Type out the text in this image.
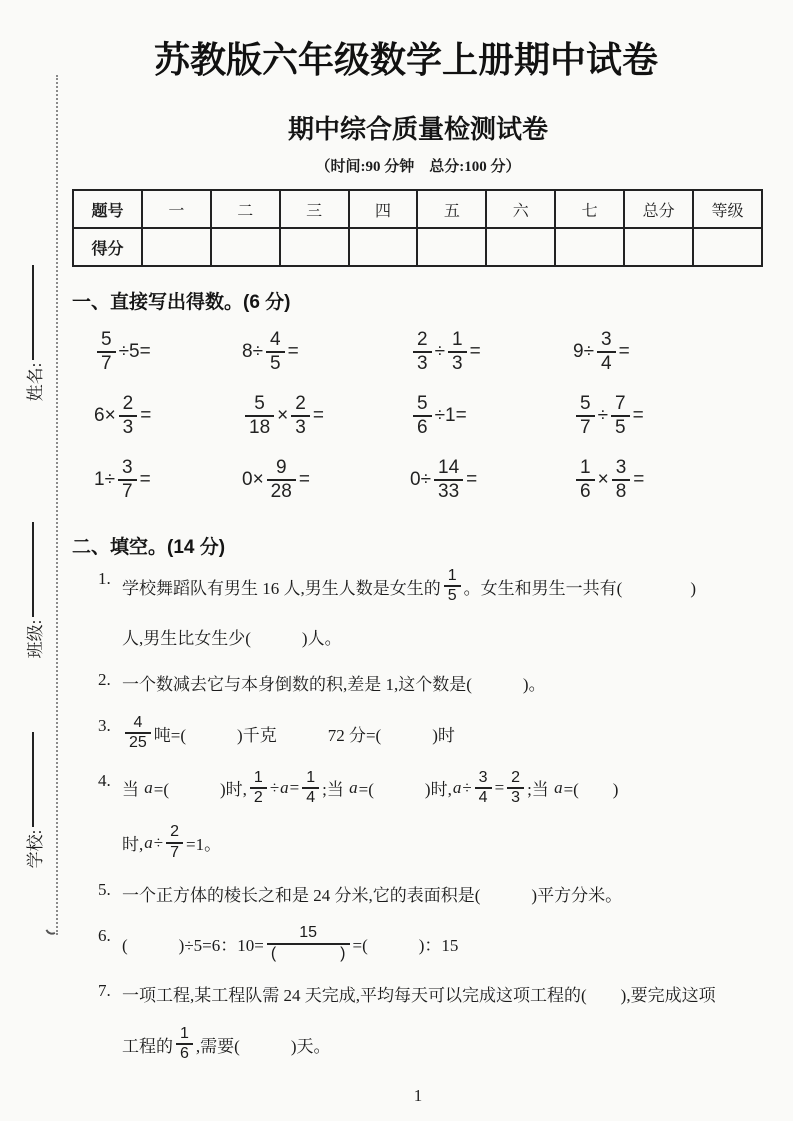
姓名:
班级:
学校:
苏教版六年级数学上册期中试卷
期中综合质量检测试卷
（时间:90 分钟　总分:100 分）
题号	一	二	三	四	五	六	七	总分	等级
得分									
一、直接写出得数。(6 分)
$\frac{5}{7} \div 5=$	$8\div \frac{4}{5}$ =	$\frac{2}{3} \div \frac{1}{3}$ =	$9\div \frac{3}{4}$ =
$6\times \frac{2}{3}$ =	$\frac{5}{18} \times \frac{2}{3}$ =	$\frac{5}{6} \div 1=$	$\frac{5}{7} \div \frac{7}{5}$ =
$1\div \frac{3}{7}$ =	$0\times \frac{9}{28}$ =	$0\div \frac{14}{33}$ =	$\frac{1}{6} \times \frac{3}{8}$ =
二、填空。(14 分)
1.
学校舞蹈队有男生 16 人,男生人数是女生的 $\frac{1}{5}$ 。女生和男生一共有(　　　　)
人,男生比女生少(　　　)人。
2. 一个数减去它与本身倒数的积,差是 1,这个数是(　　　)。
3. $\frac{4}{25}$ 吨=(　　　)千克　　　72 分=(　　　)时
4.
当 a =(　　　)时, $\frac{1}{2} \div a = \frac{1}{4}$ ;当 a =(　　　)时, $a \div \frac{3}{4} = \frac{2}{3}$ ;当 a =(　　)
时, $a \div \frac{2}{7} =1$。
5. 一个正方体的棱长之和是 24 分米,它的表面积是(　　　)平方分米。
6.
(　　　)÷5=6：$10= \frac{15}{( )}$ =(　　　)：15
7. 一项工程,某工程队需 24 天完成,平均每天可以完成这项工程的(　　),要完成这项
工程的 $\frac{1}{6}$ ,需要(　　　)天。
1
